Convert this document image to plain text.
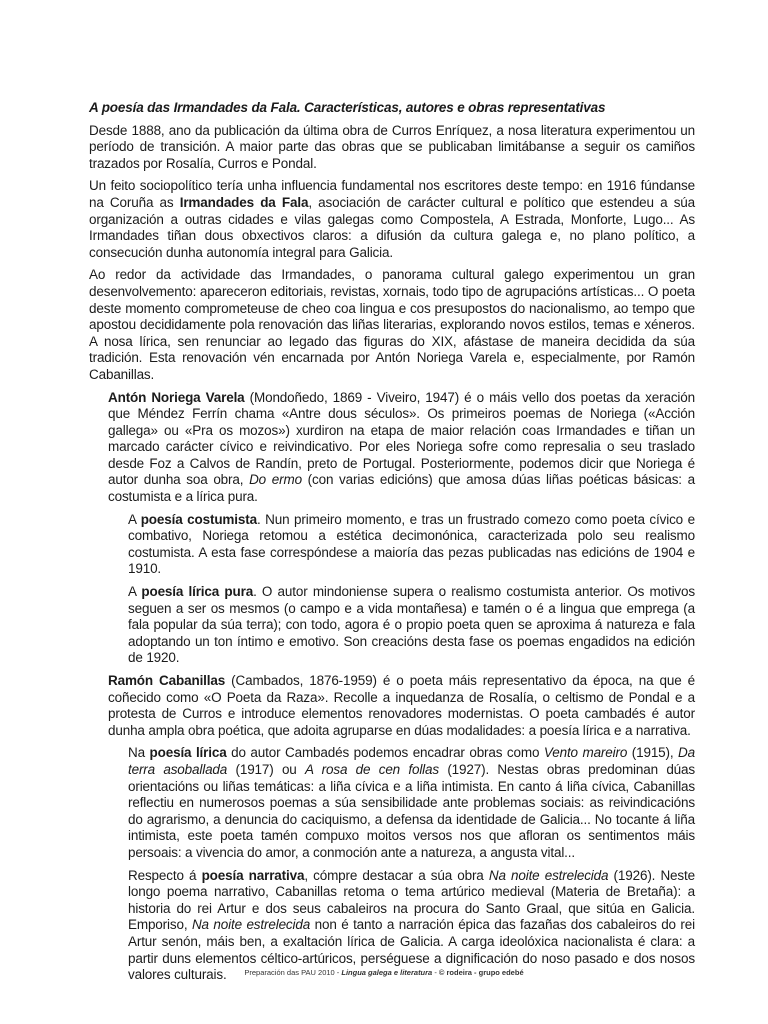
A poesía das Irmandades da Fala. Características, autores e obras representativas

Desde 1888, ano da publicación da última obra de Curros Enríquez, a nosa literatura experimentou un período de transición. A maior parte das obras que se publicaban limitábanse a seguir os camiños trazados por Rosalía, Curros e Pondal.

Un feito sociopolítico tería unha influencia fundamental nos escritores deste tempo: en 1916 fúndanse na Coruña as Irmandades da Fala, asociación de carácter cultural e político que estendeu a súa organización a outras cidades e vilas galegas como Compostela, A Estrada, Monforte, Lugo... As Irmandades tiñan dous obxectivos claros: a difusión da cultura galega e, no plano político, a consecución dunha autonomía integral para Galicia.

Ao redor da actividade das Irmandades, o panorama cultural galego experimentou un gran desenvolvemento: apareceron editoriais, revistas, xornais, todo tipo de agrupacións artísticas... O poeta deste momento comprometeuse de cheo coa lingua e cos presupostos do nacionalismo, ao tempo que apostou decididamente pola renovación das liñas literarias, explorando novos estilos, temas e xéneros. A nosa lírica, sen renunciar ao legado das figuras do XIX, afástase de maneira decidida da súa tradición. Esta renovación vén encarnada por Antón Noriega Varela e, especialmente, por Ramón Cabanillas.

Antón Noriega Varela (Mondoñedo, 1869 - Viveiro, 1947) é o máis vello dos poetas da xeración que Méndez Ferrín chama «Antre dous séculos». Os primeiros poemas de Noriega («Acción gallega» ou «Pra os mozos») xurdiron na etapa de maior relación coas Irmandades e tiñan un marcado carácter cívico e reivindicativo. Por eles Noriega sofre como represalia o seu traslado desde Foz a Calvos de Randín, preto de Portugal. Posteriormente, podemos dicir que Noriega é autor dunha soa obra, Do ermo (con varias edicións) que amosa dúas liñas poéticas básicas: a costumista e a lírica pura.

A poesía costumista. Nun primeiro momento, e tras un frustrado comezo como poeta cívico e combativo, Noriega retomou a estética decimonónica, caracterizada polo seu realismo costumista. A esta fase correspóndese a maioría das pezas publicadas nas edicións de 1904 e 1910.

A poesía lírica pura. O autor mindoniense supera o realismo costumista anterior. Os motivos seguen a ser os mesmos (o campo e a vida montañesa) e tamén o é a lingua que emprega (a fala popular da súa terra); con todo, agora é o propio poeta quen se aproxima á natureza e fala adoptando un ton íntimo e emotivo. Son creacións desta fase os poemas engadidos na edición de 1920.

Ramón Cabanillas (Cambados, 1876-1959) é o poeta máis representativo da época, na que é coñecido como «O Poeta da Raza». Recolle a inquedanza de Rosalía, o celtismo de Pondal e a protesta de Curros e introduce elementos renovadores modernistas. O poeta cambadés é autor dunha ampla obra poética, que adoita agruparse en dúas modalidades: a poesía lírica e a narrativa.

Na poesía lírica do autor Cambadés podemos encadrar obras como Vento mareiro (1915), Da terra asoballada (1917) ou A rosa de cen follas (1927). Nestas obras predominan dúas orientacións ou liñas temáticas: a liña cívica e a liña intimista. En canto á liña cívica, Cabanillas reflectiu en numerosos poemas a súa sensibilidade ante problemas sociais: as reivindicacións do agrarismo, a denuncia do caciquismo, a defensa da identidade de Galicia... No tocante á liña intimista, este poeta tamén compuxo moitos versos nos que afloran os sentimentos máis persoais: a vivencia do amor, a conmoción ante a natureza, a angusta vital...

Respecto á poesía narrativa, cómpre destacar a súa obra Na noite estrelecida (1926). Neste longo poema narrativo, Cabanillas retoma o tema artúrico medieval (Materia de Bretaña): a historia do rei Artur e dos seus cabaleiros na procura do Santo Graal, que sitúa en Galicia. Emporiso, Na noite estrelecida non é tanto a narración épica das fazañas dos cabaleiros do rei Artur senón, máis ben, a exaltación lírica de Galicia. A carga ideolóxica nacionalista é clara: a partir duns elementos céltico-artúricos, perséguese a dignificación do noso pasado e dos nosos valores culturais.	Preparación das PAU 2010 - Lingua galega e literatura - © rodeira - grupo edebé
